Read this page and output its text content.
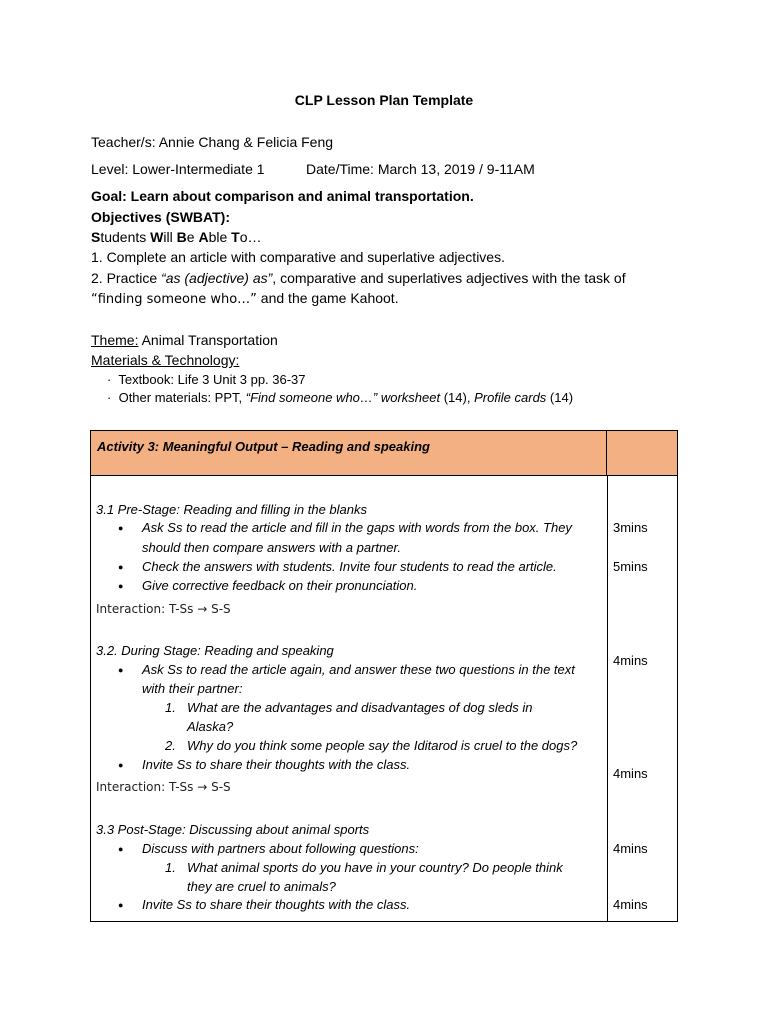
CLP Lesson Plan Template
Teacher/s: Annie Chang & Felicia Feng
Level: Lower-Intermediate 1	Date/Time: March 13, 2019 / 9-11AM
Goal: Learn about comparison and animal transportation.
Objectives (SWBAT):
Students Will Be Able To…
1. Complete an article with comparative and superlative adjectives.
2. Practice “as (adjective) as”, comparative and superlatives adjectives with the task of
“finding someone who…” and the game Kahoot.
Theme: Animal Transportation
Materials & Technology:
· Textbook: Life 3 Unit 3 pp. 36-37
· Other materials: PPT, “Find someone who…” worksheet (14), Profile cards (14)
Activity 3: Meaningful Output – Reading and speaking
3.1 Pre-Stage: Reading and filling in the blanks
● Ask Ss to read the article and fill in the gaps with words from the box. They
should then compare answers with a partner.
● Check the answers with students. Invite four students to read the article.
● Give corrective feedback on their pronunciation.
Interaction: T-Ss → S-S
3mins
5mins
3.2. During Stage: Reading and speaking
● Ask Ss to read the article again, and answer these two questions in the text
with their partner:
1. What are the advantages and disadvantages of dog sleds in
Alaska?
2. Why do you think some people say the Iditarod is cruel to the dogs?
● Invite Ss to share their thoughts with the class.
Interaction: T-Ss → S-S
4mins
4mins
3.3 Post-Stage: Discussing about animal sports
● Discuss with partners about following questions:
1. What animal sports do you have in your country? Do people think
they are cruel to animals?
● Invite Ss to share their thoughts with the class.
4mins
4mins
